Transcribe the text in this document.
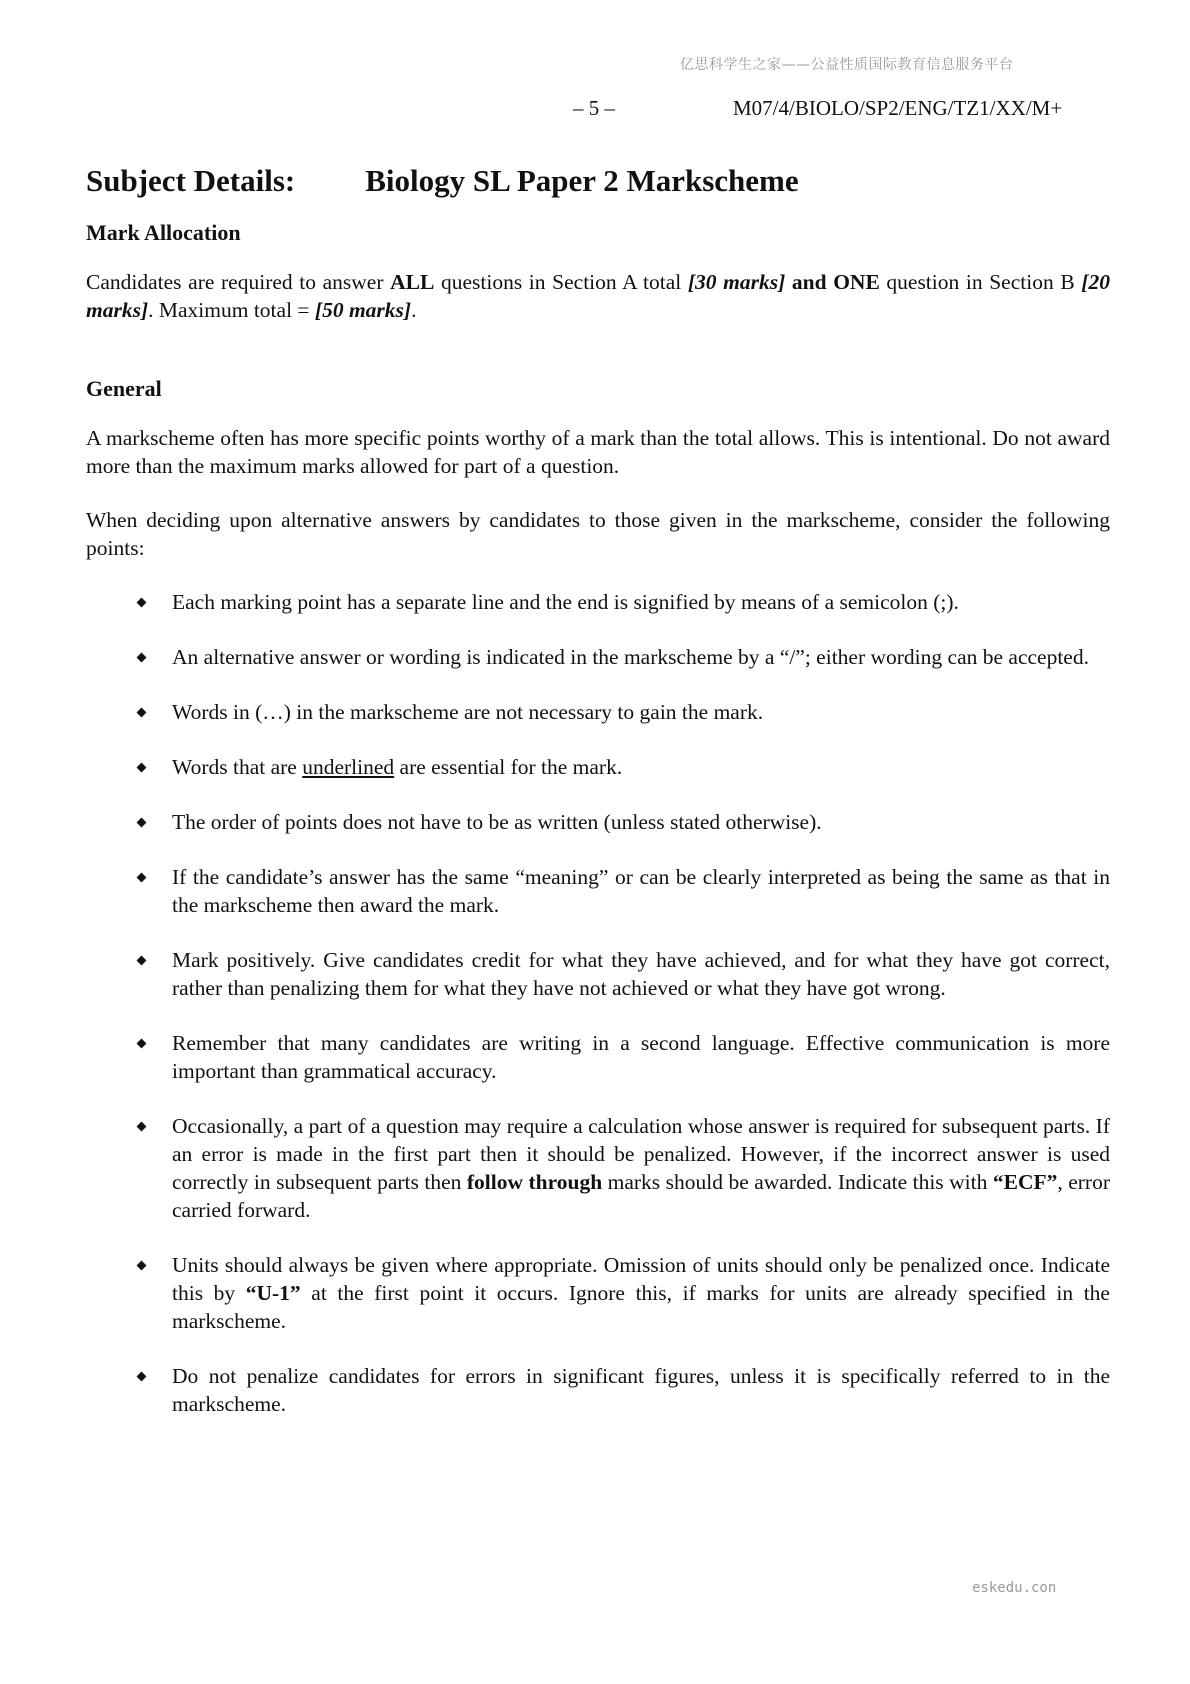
亿思科学生之家——公益性质国际教育信息服务平台
– 5 –	M07/4/BIOLO/SP2/ENG/TZ1/XX/M+
Subject Details: Biology SL Paper 2 Markscheme
Mark Allocation

Candidates are required to answer ALL questions in Section A total [30 marks] and ONE question in Section B [20 marks]. Maximum total = [50 marks].

General

A markscheme often has more specific points worthy of a mark than the total allows. This is intentional. Do not award more than the maximum marks allowed for part of a question.

When deciding upon alternative answers by candidates to those given in the markscheme, consider the following points:

Each marking point has a separate line and the end is signified by means of a semicolon (;).

An alternative answer or wording is indicated in the markscheme by a “/”; either wording can be accepted.

Words in (…) in the markscheme are not necessary to gain the mark.

Words that are underlined are essential for the mark.

The order of points does not have to be as written (unless stated otherwise).

If the candidate’s answer has the same “meaning” or can be clearly interpreted as being the same as that in the markscheme then award the mark.

Mark positively. Give candidates credit for what they have achieved, and for what they have got correct, rather than penalizing them for what they have not achieved or what they have got wrong.

Remember that many candidates are writing in a second language. Effective communication is more important than grammatical accuracy.

Occasionally, a part of a question may require a calculation whose answer is required for subsequent parts. If an error is made in the first part then it should be penalized. However, if the incorrect answer is used correctly in subsequent parts then follow through marks should be awarded. Indicate this with “ECF”, error carried forward.

Units should always be given where appropriate. Omission of units should only be penalized once. Indicate this by “U-1” at the first point it occurs. Ignore this, if marks for units are already specified in the markscheme.

Do not penalize candidates for errors in significant figures, unless it is specifically referred to in the markscheme.

eskedu.con
